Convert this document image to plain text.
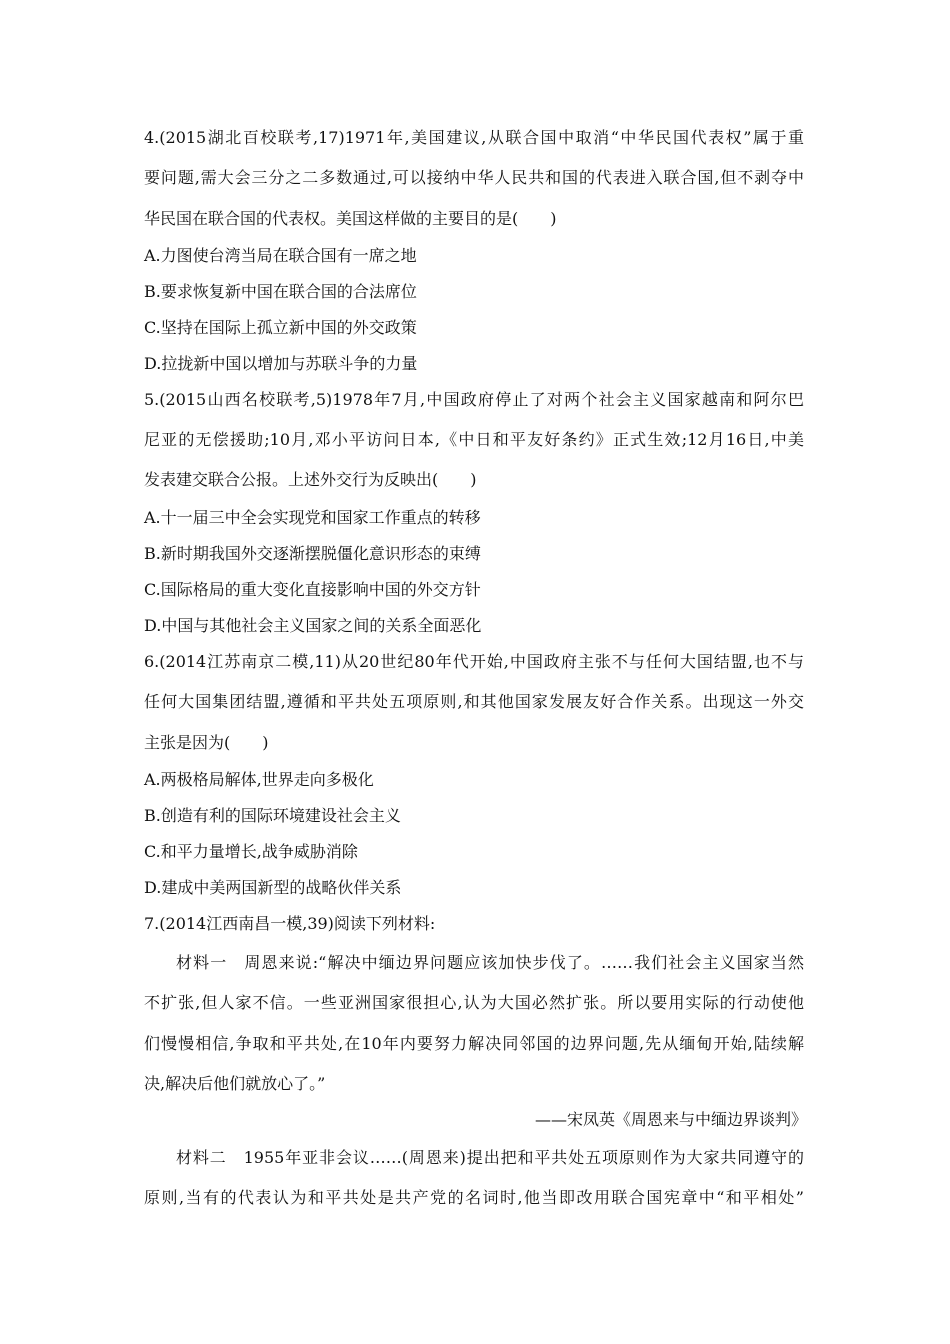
4.(2015湖北百校联考,17)1971年,美国建议,从联合国中取消“中华民国代表权”属于重
要问题,需大会三分之二多数通过,可以接纳中华人民共和国的代表进入联合国,但不剥夺中
华民国在联合国的代表权。美国这样做的主要目的是(　　)
A.力图使台湾当局在联合国有一席之地
B.要求恢复新中国在联合国的合法席位
C.坚持在国际上孤立新中国的外交政策
D.拉拢新中国以增加与苏联斗争的力量
5.(2015山西名校联考,5)1978年7月,中国政府停止了对两个社会主义国家越南和阿尔巴
尼亚的无偿援助;10月,邓小平访问日本,《中日和平友好条约》正式生效;12月16日,中美
发表建交联合公报。上述外交行为反映出(　　)
A.十一届三中全会实现党和国家工作重点的转移
B.新时期我国外交逐渐摆脱僵化意识形态的束缚
C.国际格局的重大变化直接影响中国的外交方针
D.中国与其他社会主义国家之间的关系全面恶化
6.(2014江苏南京二模,11)从20世纪80年代开始,中国政府主张不与任何大国结盟,也不与
任何大国集团结盟,遵循和平共处五项原则,和其他国家发展友好合作关系。出现这一外交
主张是因为(　　)
A.两极格局解体,世界走向多极化
B.创造有利的国际环境建设社会主义
C.和平力量增长,战争威胁消除
D.建成中美两国新型的战略伙伴关系
7.(2014江西南昌一模,39)阅读下列材料:
材料一　周恩来说:“解决中缅边界问题应该加快步伐了。……我们社会主义国家当然
不扩张,但人家不信。一些亚洲国家很担心,认为大国必然扩张。所以要用实际的行动使他
们慢慢相信,争取和平共处,在10年内要努力解决同邻国的边界问题,先从缅甸开始,陆续解
决,解决后他们就放心了。”
——宋凤英《周恩来与中缅边界谈判》
材料二　1955年亚非会议……(周恩来)提出把和平共处五项原则作为大家共同遵守的
原则,当有的代表认为和平共处是共产党的名词时,他当即改用联合国宪章中“和平相处”
